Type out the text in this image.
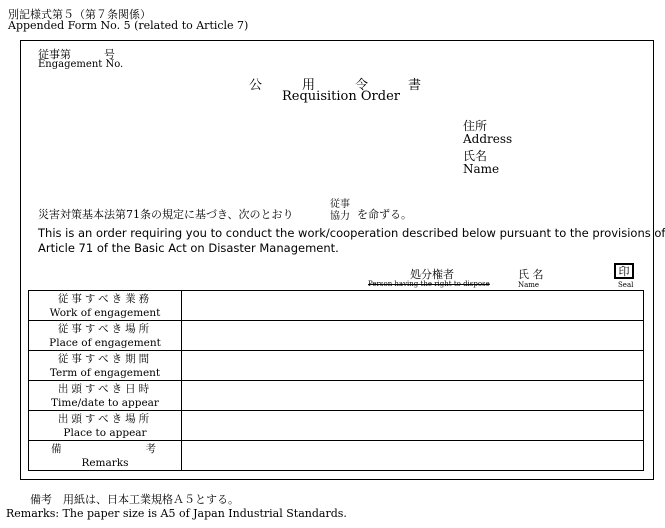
別記様式第５（第７条関係）
Appended Form No. 5 (related to Article 7)
従事第　　　号
Engagement No.
公用令書
Requisition Order
住所
Address
氏名
Name
災害対策基本法第71条の規定に基づき、次のとおり
従事
協力 を命ずる。
This is an order requiring you to conduct the work/cooperation described below pursuant to the provisions of
Article 71 of the Basic Act on Disaster Management.
処分権者
Person having the right to dispose
氏 名
Name
印
Seal
従事すべき業務
Work of engagement	

従事すべき場所
Place of engagement	

従事すべき期間
Term of engagement	

出頭すべき日時
Time/date to appear	

出頭すべき場所
Place to appear	

備　　　　　　考
Remarks	

備考　用紙は、日本工業規格Ａ５とする。
Remarks: The paper size is A5 of Japan Industrial Standards.
